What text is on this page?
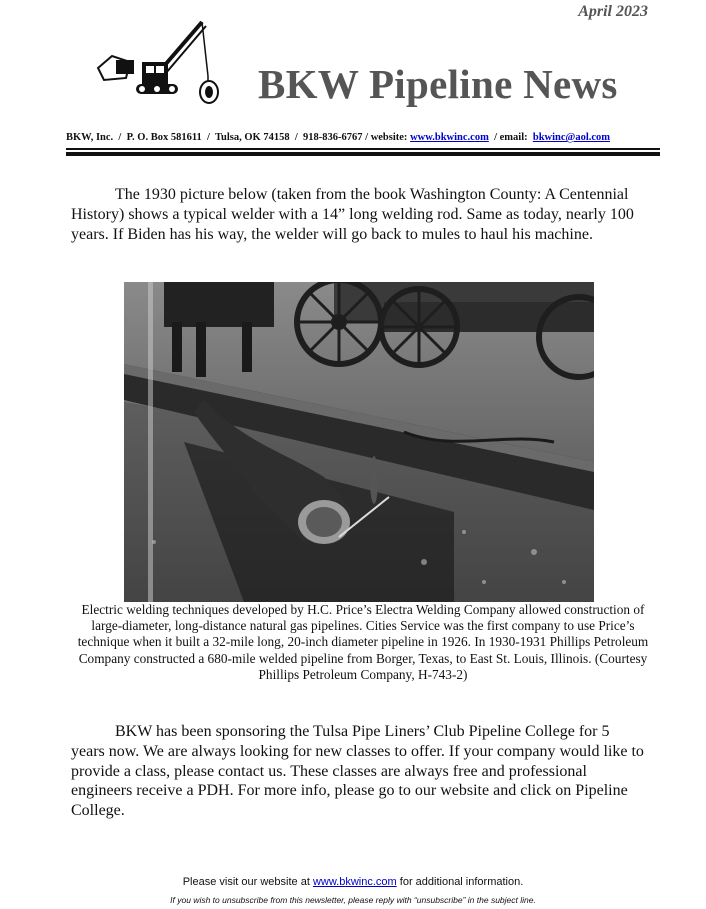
April 2023
BKW Pipeline News
BKW, Inc.  /  P. O. Box 581611  /  Tulsa, OK 74158  /  918-836-6767 / website: www.bkwinc.com  / email: bkwinc@aol.com
The 1930 picture below (taken from the book Washington County: A Centennial History) shows a typical welder with a 14” long welding rod. Same as today, nearly 100 years. If Biden has his way, the welder will go back to mules to haul his machine.
Electric welding techniques developed by H.C. Price’s Electra Welding Company allowed construction of large-diameter, long-distance natural gas pipelines. Cities Service was the first company to use Price’s technique when it built a 32-mile long, 20-inch diameter pipeline in 1926. In 1930-1931 Phillips Petroleum Company constructed a 680-mile welded pipeline from Borger, Texas, to East St. Louis, Illinois. (Courtesy Phillips Petroleum Company, H-743-2)
BKW has been sponsoring the Tulsa Pipe Liners’ Club Pipeline College for 5 years now. We are always looking for new classes to offer. If your company would like to provide a class, please contact us. These classes are always free and professional engineers receive a PDH. For more info, please go to our website and click on Pipeline College.
Please visit our website at www.bkwinc.com for additional information.
If you wish to unsubscribe from this newsletter, please reply with “unsubscribe” in the subject line.
